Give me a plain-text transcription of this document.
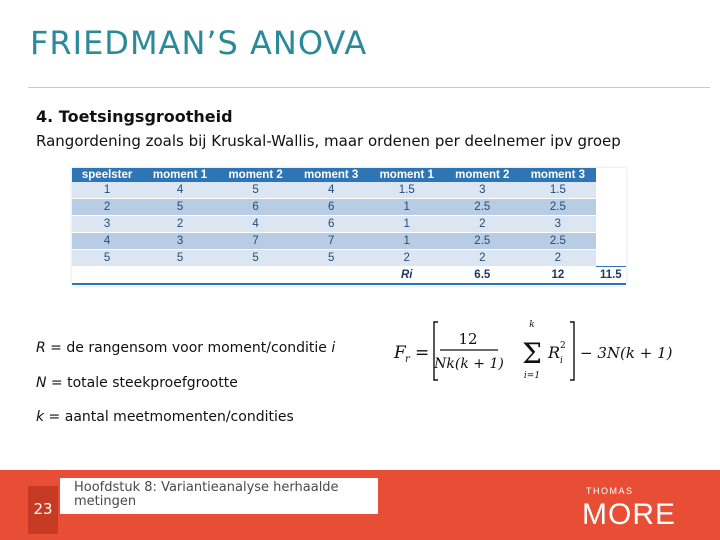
FRIEDMAN’S ANOVA
4. Toetsingsgrootheid
Rangordening zoals bij Kruskal-Wallis, maar ordenen per deelnemer ipv groep
speelster	moment 1	moment 2	moment 3	moment 1	moment 2	moment 3	
1	4	5	4	1.5	3	1.5	
2	5	6	6	1	2.5	2.5	
3	2	4	6	1	2	3	
4	3	7	7	1	2.5	2.5	
5	5	5	5	2	2	2	
				Ri	6.5	12	11.5
R = de rangensom voor moment/conditie i
N = totale steekproefgrootte
k = aantal meetmomenten/condities
F r =
12
Nk(k + 1)
k
Σ
i=1
R 2
i − 3N(k + 1)
23
Hoofdstuk 8: Variantieanalyse herhaalde metingen
THOMAS
MORE
